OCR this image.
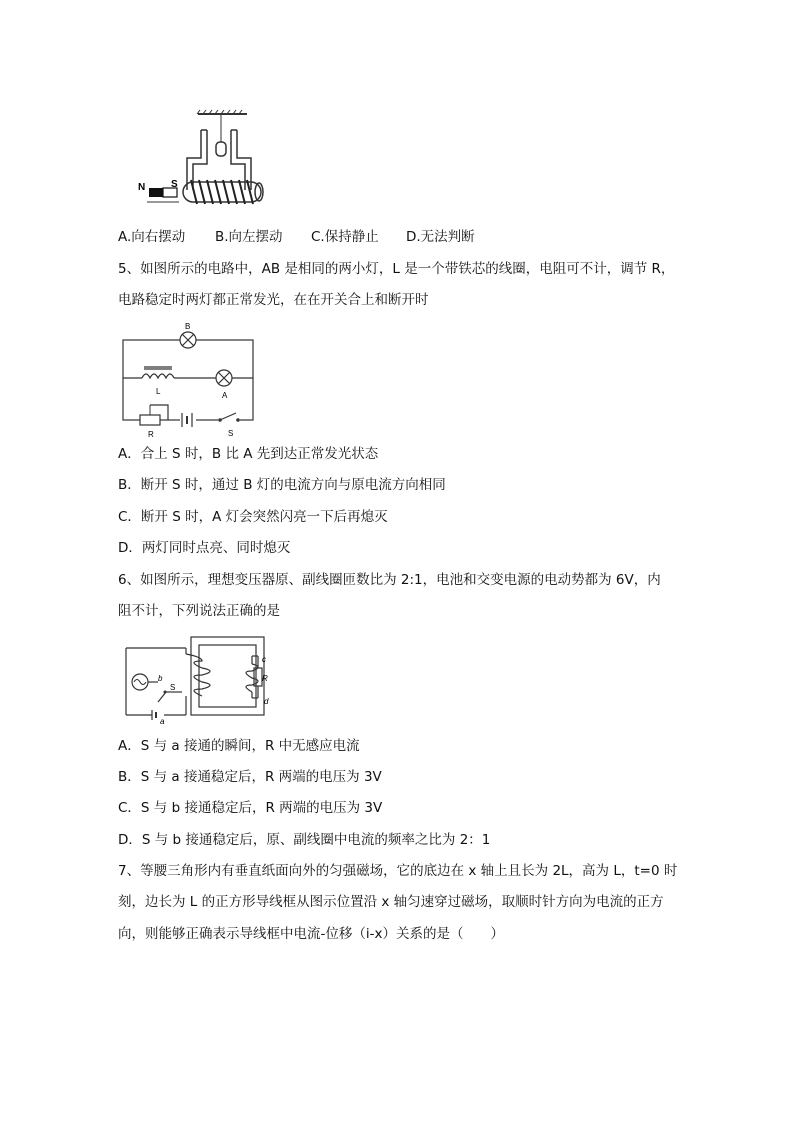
N	S
A.向右摆动 B.向左摆动 C.保持静止 D.无法判断
5、如图所示的电路中，AB 是相同的两小灯，L 是一个带铁芯的线圈，电阻可不计，调节 R，
电路稳定时两灯都正常发光，在在开关合上和断开时
B
A
L
R	S
A．合上 S 时，B 比 A 先到达正常发光状态
B．断开 S 时，通过 B 灯的电流方向与原电流方向相同
C．断开 S 时，A 灯会突然闪亮一下后再熄灭
D．两灯同时点亮、同时熄灭
6、如图所示，理想变压器原、副线圈匝数比为 2:1，电池和交变电源的电动势都为 6V，内
阻不计，下列说法正确的是
b
S
a
c
R
d
A．S 与 a 接通的瞬间，R 中无感应电流
B．S 与 a 接通稳定后，R 两端的电压为 3V
C．S 与 b 接通稳定后，R 两端的电压为 3V
D．S 与 b 接通稳定后，原、副线圈中电流的频率之比为 2：1
7、等腰三角形内有垂直纸面向外的匀强磁场，它的底边在 x 轴上且长为 2L，高为 L，t=0 时
刻，边长为 L 的正方形导线框从图示位置沿 x 轴匀速穿过磁场，取顺时针方向为电流的正方
向，则能够正确表示导线框中电流-位移（i-x）关系的是（　　）
